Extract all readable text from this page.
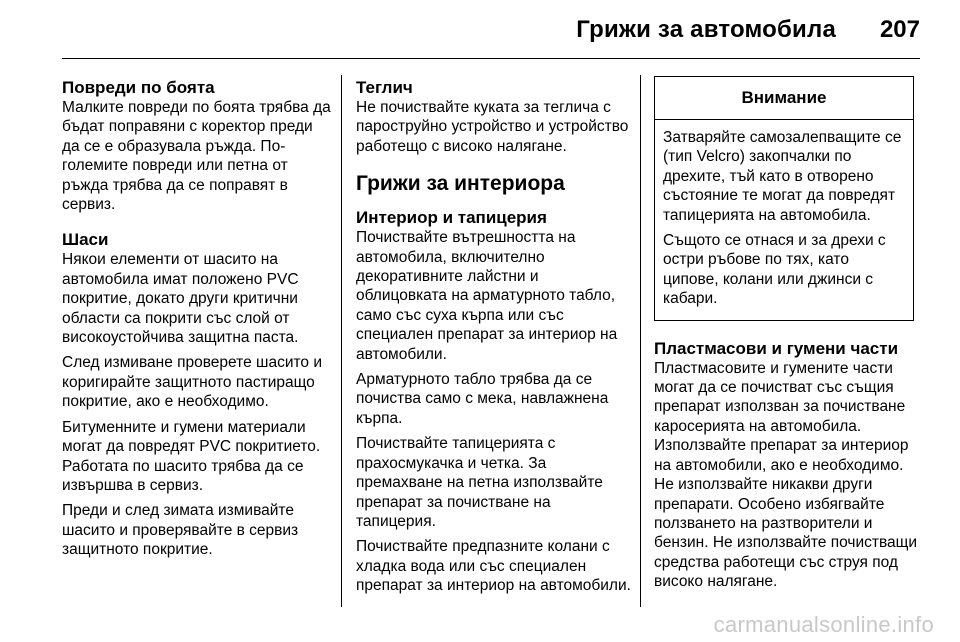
Грижи за автомобила 207
Повреди по боята

Малките повреди по боята трябва да бъдат поправяни с коректор преди да се е образувала ръжда. По-големите повреди или петна от ръжда трябва да се поправят в сервиз.

Шаси

Някои елементи от шасито на автомобила имат положено PVC покритие, докато други критични области са покрити със слой от високоустойчива защитна паста.

След измиване проверете шасито и коригирайте защитното пастиращо покритие, ако е необходимо.

Битуменните и гумени материали могат да повредят PVC покритието. Работата по шасито трябва да се извършва в сервиз.

Преди и след зимата измивайте шасито и проверявайте в сервиз защитното покритие.

Теглич

Не почиствайте куката за теглича с пароструйно устройство и устройство работещо с високо налягане.

Грижи за интериора
Интериор и тапицерия

Почиствайте вътрешността на автомобила, включително декоративните лайстни и облицовката на арматурното табло, само със суха кърпа или със специален препарат за интериор на автомобили.

Арматурното табло трябва да се почиства само с мека, навлажнена кърпа.

Почиствайте тапицерията с прахосмукачка и четка. За премахване на петна използвайте препарат за почистване на тапицерия.

Почиствайте предпазните колани с хладка вода или със специален препарат за интериор на автомобили.

Внимание

Затваряйте самозалепващите се (тип Velcro) закопчалки по дрехите, тъй като в отворено състояние те могат да повредят тапицерията на автомобила.

Същото се отнася и за дрехи с остри ръбове по тях, като ципове, колани или джинси с кабари.

Пластмасови и гумени части

Пластмасовите и гумените части могат да се почистват със същия препарат използван за почистване каросерията на автомобила. Използвайте препарат за интериор на автомобили, ако е необходимо. Не използвайте никакви други препарати. Особено избягвайте ползването на разтворители и бензин. Не използвайте почистващи средства работещи със струя под високо налягане.

carmanualsonline.info
